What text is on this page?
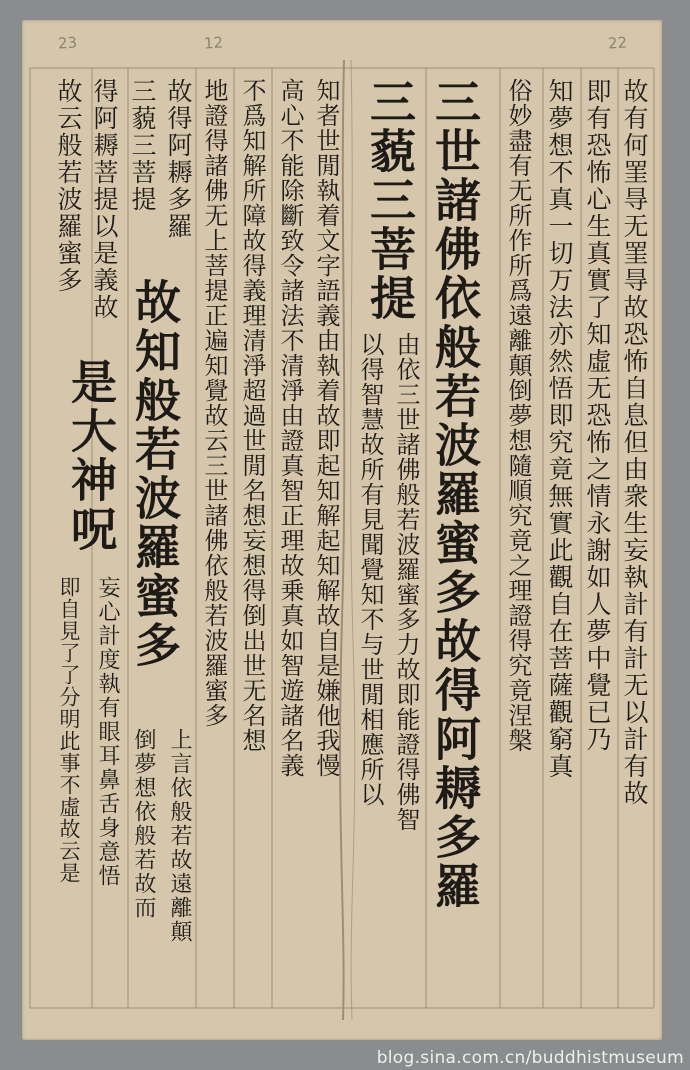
23	12	22
故有何罣㝵无罣㝵故恐怖自息但由衆生妄執計有計无以計有故
即有恐怖心生真實了知虛无恐怖之情永謝如人夢中覺已乃
知夢想不真一切万法亦然悟即究竟無實此觀自在菩薩觀窮真
俗妙盡有无所作所爲遠離顛倒夢想隨順究竟之理證得究竟涅槃
三世諸佛依般若波羅蜜多故得阿耨多羅
三藐三菩提
由依三世諸佛般若波羅蜜多力故即能證得佛智
以得智慧故所有見聞覺知不与世閒相應所以
知者世閒執着文字語義由執着故即起知解起知解故自是嫌他我慢
高心不能除斷致令諸法不清淨由證真智正理故乗真如智遊諸名義
不爲知解所障故得義理清淨超過世閒名想妄想得倒出世无名想
地證得諸佛无上菩提正遍知覺故云三世諸佛依般若波羅蜜多
故得阿耨多羅
三藐三菩提
得阿耨菩提以是義故
故云般若波羅蜜多
故知般若波羅蜜多
上言依般若故遠離顛
倒夢想依般若故而
是大神呪
妄心計度執有眼耳鼻舌身意悟
即自見了了分明此事不虛故云是
blog.sina.com.cn/buddhistmuseum
